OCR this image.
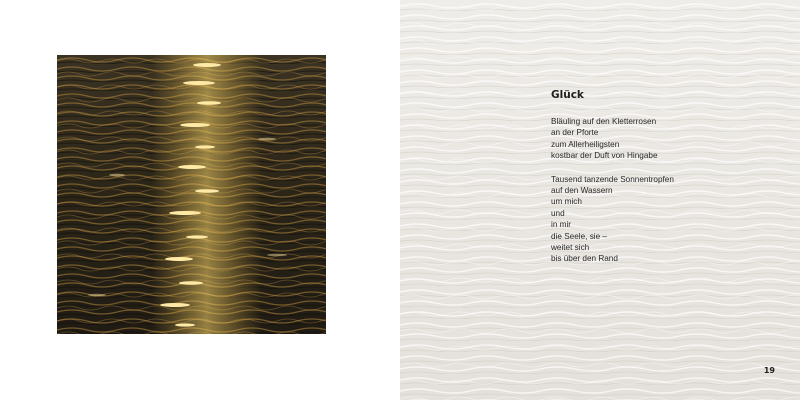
Glück
Bläuling auf den Kletterrosen
an der Pforte
zum Allerheiligsten
kostbar der Duft von Hingabe
Tausend tanzende Sonnentropfen
auf den Wassern
um mich
und
in mir
die Seele, sie –
weitet sich
bis über den Rand
19
